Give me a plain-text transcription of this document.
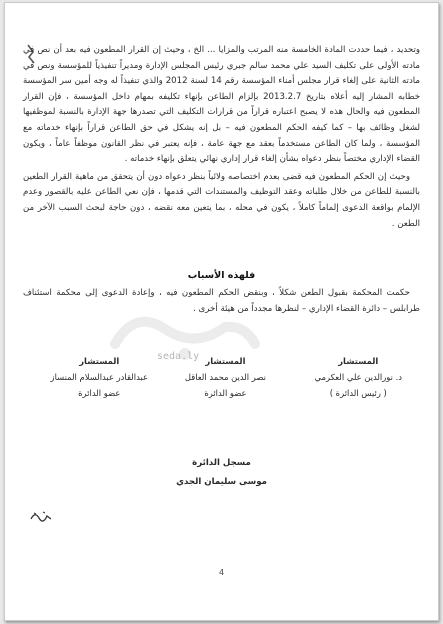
وتحديد ، فيما حددت المادة الخامسة منه المرتب والمزايا ... الخ ، وحيث إن القرار المطعون فيه بعد أن نص في مادته الأولى على تكليف السيد علي محمد سالم جبري رئيس المجلس الإدارة ومديراً تنفيذياً للمؤسسة ونص في مادته الثانية على إلغاء قرار مجلس أمناء المؤسسة رقم 14 لسنة 2012 والذي تنفيذاً له وجه أمين سر المؤسسة خطابه المشار إليه أعلاه بتاريخ 2013.2.7 بإلزام الطاعن بإنهاء تكليفه بمهام داخل المؤسسة ، فإن القرار المطعون فيه والحال هذه لا يصبح اعتباره قراراً من قرارات التكليف التي تصدرها جهة الإدارة بالنسبة لموظفيها لشغل وظائف بها – كما كيفه الحكم المطعون فيه – بل إنه يشكل في حق الطاعن قراراً بإنهاء خدماته مع المؤسسة ، ولما كان الطاعن مستخدماً بعقد مع جهة عامة ، فإنه يعتبر في نظر القانون موظفاً عاماً ، ويكون القضاء الإداري مختصاً بنظر دعواه بشأن إلغاء قرار إداري نهائي يتعلق بإنهاء خدماته .

وحيث إن الحكم المطعون فيه قضى بعدم اختصاصه ولائياً بنظر دعواه دون أن يتحقق من ماهية القرار الطعين بالنسبة للطاعن من خلال طلباته وعقد التوظيف والمستندات التي قدمها ، فإن نعي الطاعن عليه بالقصور وعدم الإلمام بواقعة الدعوى إلماماً كاملاً ، يكون في محله ، بما يتعين معه نقضه ، دون حاجة لبحث السبب الآخر من الطعن .

فلهذه الأسباب

حكمت المحكمة بقبول الطعن شكلاً ، وبنقض الحكم المطعون فيه ، وإعادة الدعوى إلى محكمة استئناف طرابلس – دائرة القضاء الإداري – لنظرها مجدداً من هيئة أخرى .

seda.ly	المستشار
د. نورالدين علي العكرمي
( رئيس الدائرة )
المستشار
نصر الدين محمد العاقل
عضو الدائرة
المستشار
عبدالقادر عبدالسلام المنساز
عضو الدائرة
مسجل الدائرة
موسى سليمان الجدي
4
